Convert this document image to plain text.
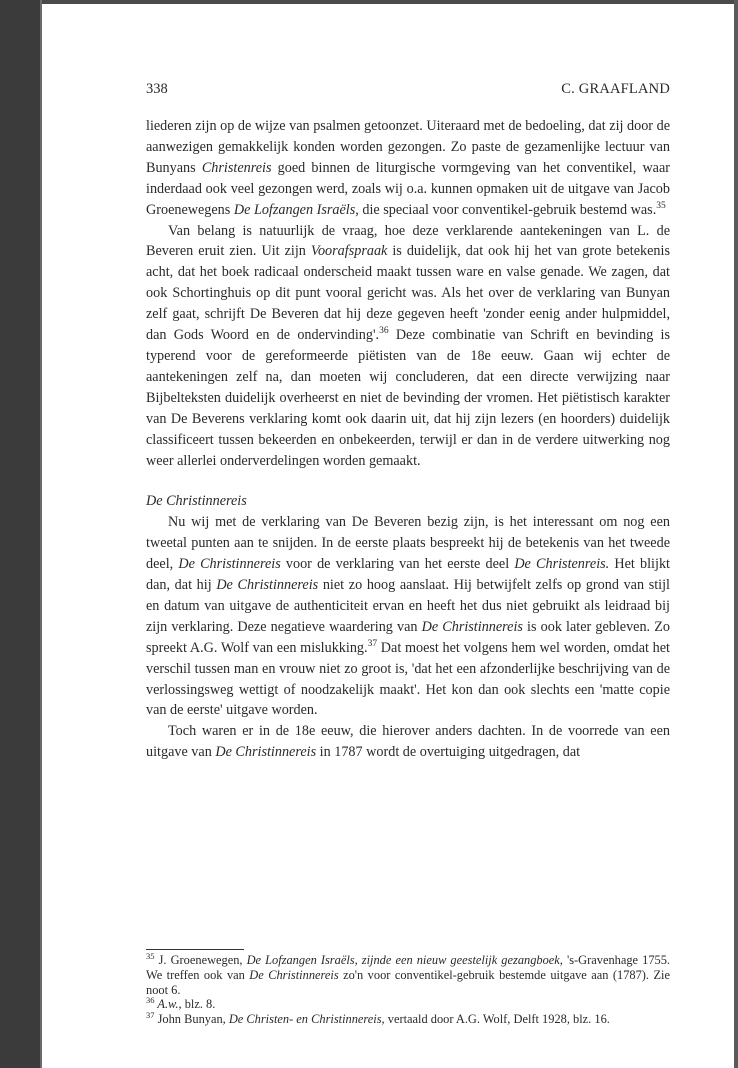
338	C. GRAAFLAND

liederen zijn op de wijze van psalmen getoonzet. Uiteraard met de bedoeling, dat zij door de aanwezigen gemakkelijk konden worden gezongen. Zo paste de gezamenlijke lectuur van Bunyans Christenreis goed binnen de liturgische vormgeving van het conventikel, waar inderdaad ook veel gezongen werd, zoals wij o.a. kunnen opmaken uit de uitgave van Jacob Groenewegens De Lofzangen Israëls, die speciaal voor conventikel-gebruik bestemd was.$^{35}$

Van belang is natuurlijk de vraag, hoe deze verklarende aantekeningen van L. de Beveren eruit zien. Uit zijn Voorafspraak is duidelijk, dat ook hij het van grote betekenis acht, dat het boek radicaal onderscheid maakt tussen ware en valse genade. We zagen, dat ook Schortinghuis op dit punt vooral gericht was. Als het over de verklaring van Bunyan zelf gaat, schrijft De Beveren dat hij deze gegeven heeft 'zonder eenig ander hulpmiddel, dan Gods Woord en de ondervinding'.$^{36}$ Deze combinatie van Schrift en bevinding is typerend voor de gereformeerde piëtisten van de 18e eeuw. Gaan wij echter de aantekeningen zelf na, dan moeten wij concluderen, dat een directe verwijzing naar Bijbelteksten duidelijk overheerst en niet de bevinding der vromen. Het piëtistisch karakter van De Beverens verklaring komt ook daarin uit, dat hij zijn lezers (en hoorders) duidelijk classificeert tussen bekeerden en onbekeerden, terwijl er dan in de verdere uitwerking nog weer allerlei onderverdelingen worden gemaakt.

De Christinnereis

Nu wij met de verklaring van De Beveren bezig zijn, is het interessant om nog een tweetal punten aan te snijden. In de eerste plaats bespreekt hij de betekenis van het tweede deel, De Christinnereis voor de verklaring van het eerste deel De Christenreis. Het blijkt dan, dat hij De Christinnereis niet zo hoog aanslaat. Hij betwijfelt zelfs op grond van stijl en datum van uitgave de authenticiteit ervan en heeft het dus niet gebruikt als leidraad bij zijn verklaring. Deze negatieve waardering van De Christinnereis is ook later gebleven. Zo spreekt A.G. Wolf van een mislukking.$^{37}$ Dat moest het volgens hem wel worden, omdat het verschil tussen man en vrouw niet zo groot is, 'dat het een afzonderlijke beschrijving van de verlossingsweg wettigt of noodzakelijk maakt'. Het kon dan ook slechts een 'matte copie van de eerste' uitgave worden.

Toch waren er in de 18e eeuw, die hierover anders dachten. In de voorrede van een uitgave van De Christinnereis in 1787 wordt de overtuiging uitgedragen, dat

$^{35}$ J. Groenewegen, De Lofzangen Israëls, zijnde een nieuw geestelijk gezangboek, 's-Gravenhage 1755. We treffen ook van De Christinnereis zo'n voor conventikel-gebruik bestemde uitgave aan (1787). Zie noot 6.

$^{36}$ A.w., blz. 8.

$^{37}$ John Bunyan, De Christen- en Christinnereis, vertaald door A.G. Wolf, Delft 1928, blz. 16.
